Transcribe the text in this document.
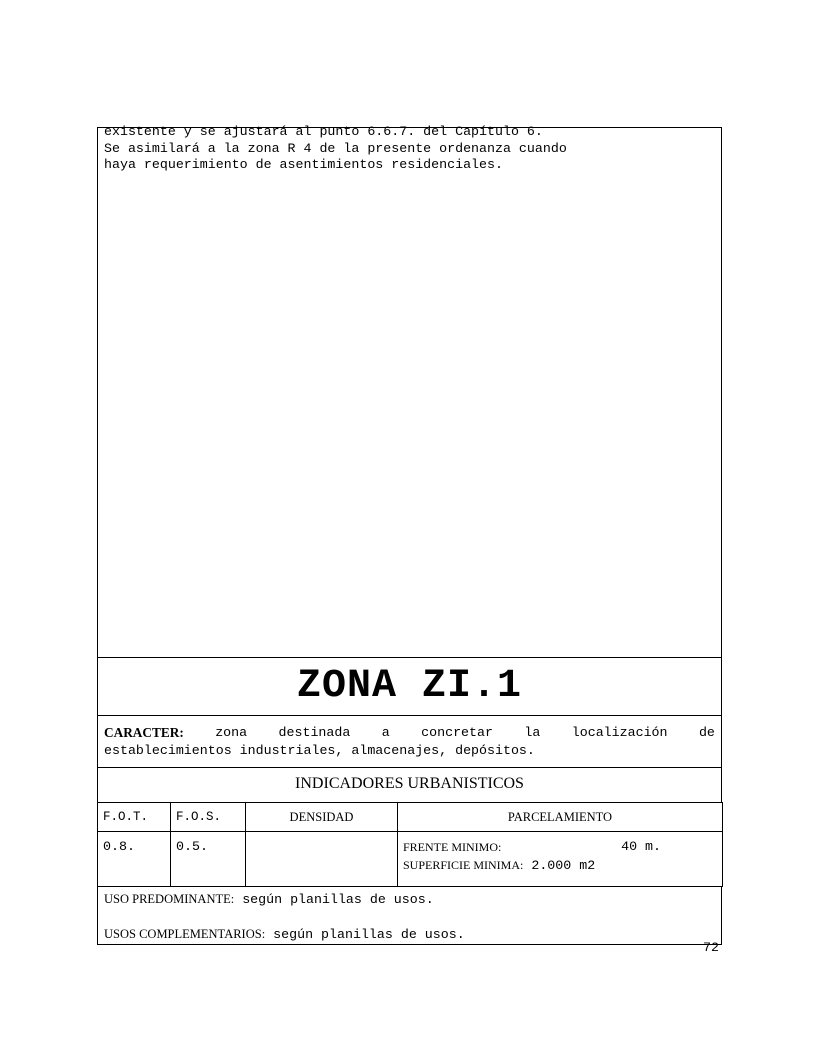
existente y se ajustará al punto 6.6.7. del Capítulo 6.

Se asimilará a la zona R 4 de la presente ordenanza cuando

haya requerimiento de asentimientos residenciales.

ZONA ZI.1
CARACTER: zona destinada a concretar la localización de
establecimientos industriales, almacenajes, depósitos.
INDICADORES URBANISTICOS
F.O.T.	F.O.S.	DENSIDAD	PARCELAMIENTO
0.8.	0.5.		FRENTE MINIMO: 40 m.
SUPERFICIE MINIMA: 2.000 m2

USO PREDOMINANTE: según planillas de usos.

USOS COMPLEMENTARIOS: según planillas de usos.

72
